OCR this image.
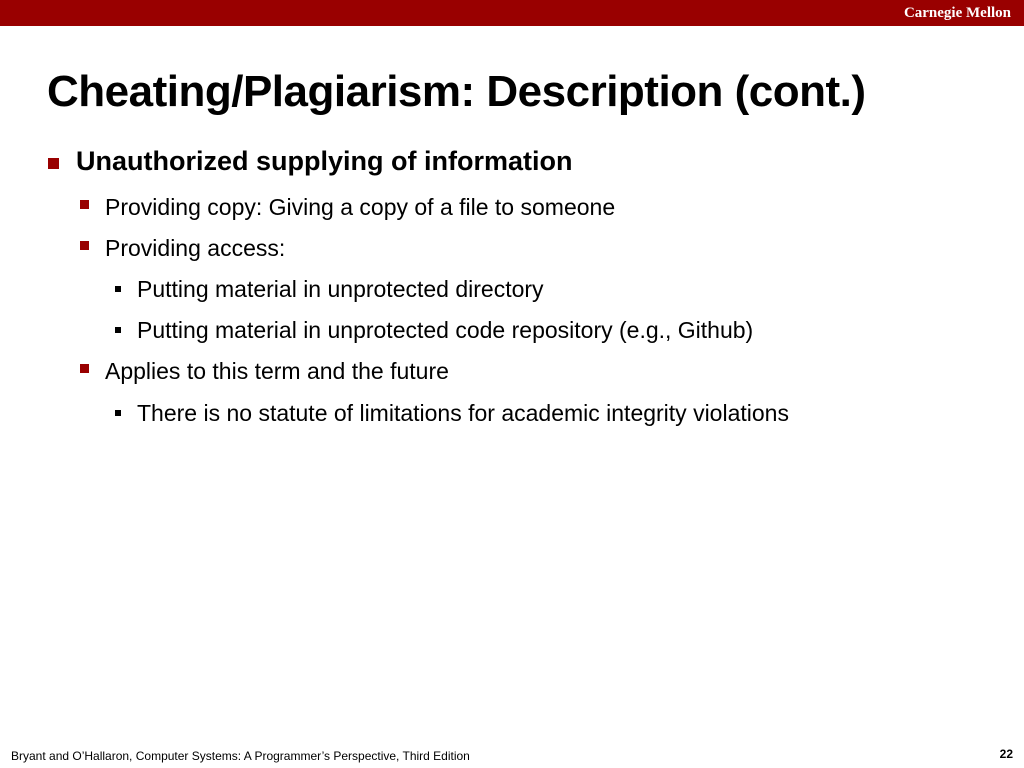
Carnegie Mellon
Cheating/Plagiarism: Description (cont.)
Unauthorized supplying of information
Providing copy: Giving a copy of a file to someone
Providing access:
Putting material in unprotected directory
Putting material in unprotected code repository (e.g., Github)
Applies to this term and the future
There is no statute of limitations for academic integrity violations
Bryant and O’Hallaron, Computer Systems: A Programmer’s Perspective, Third Edition	22
